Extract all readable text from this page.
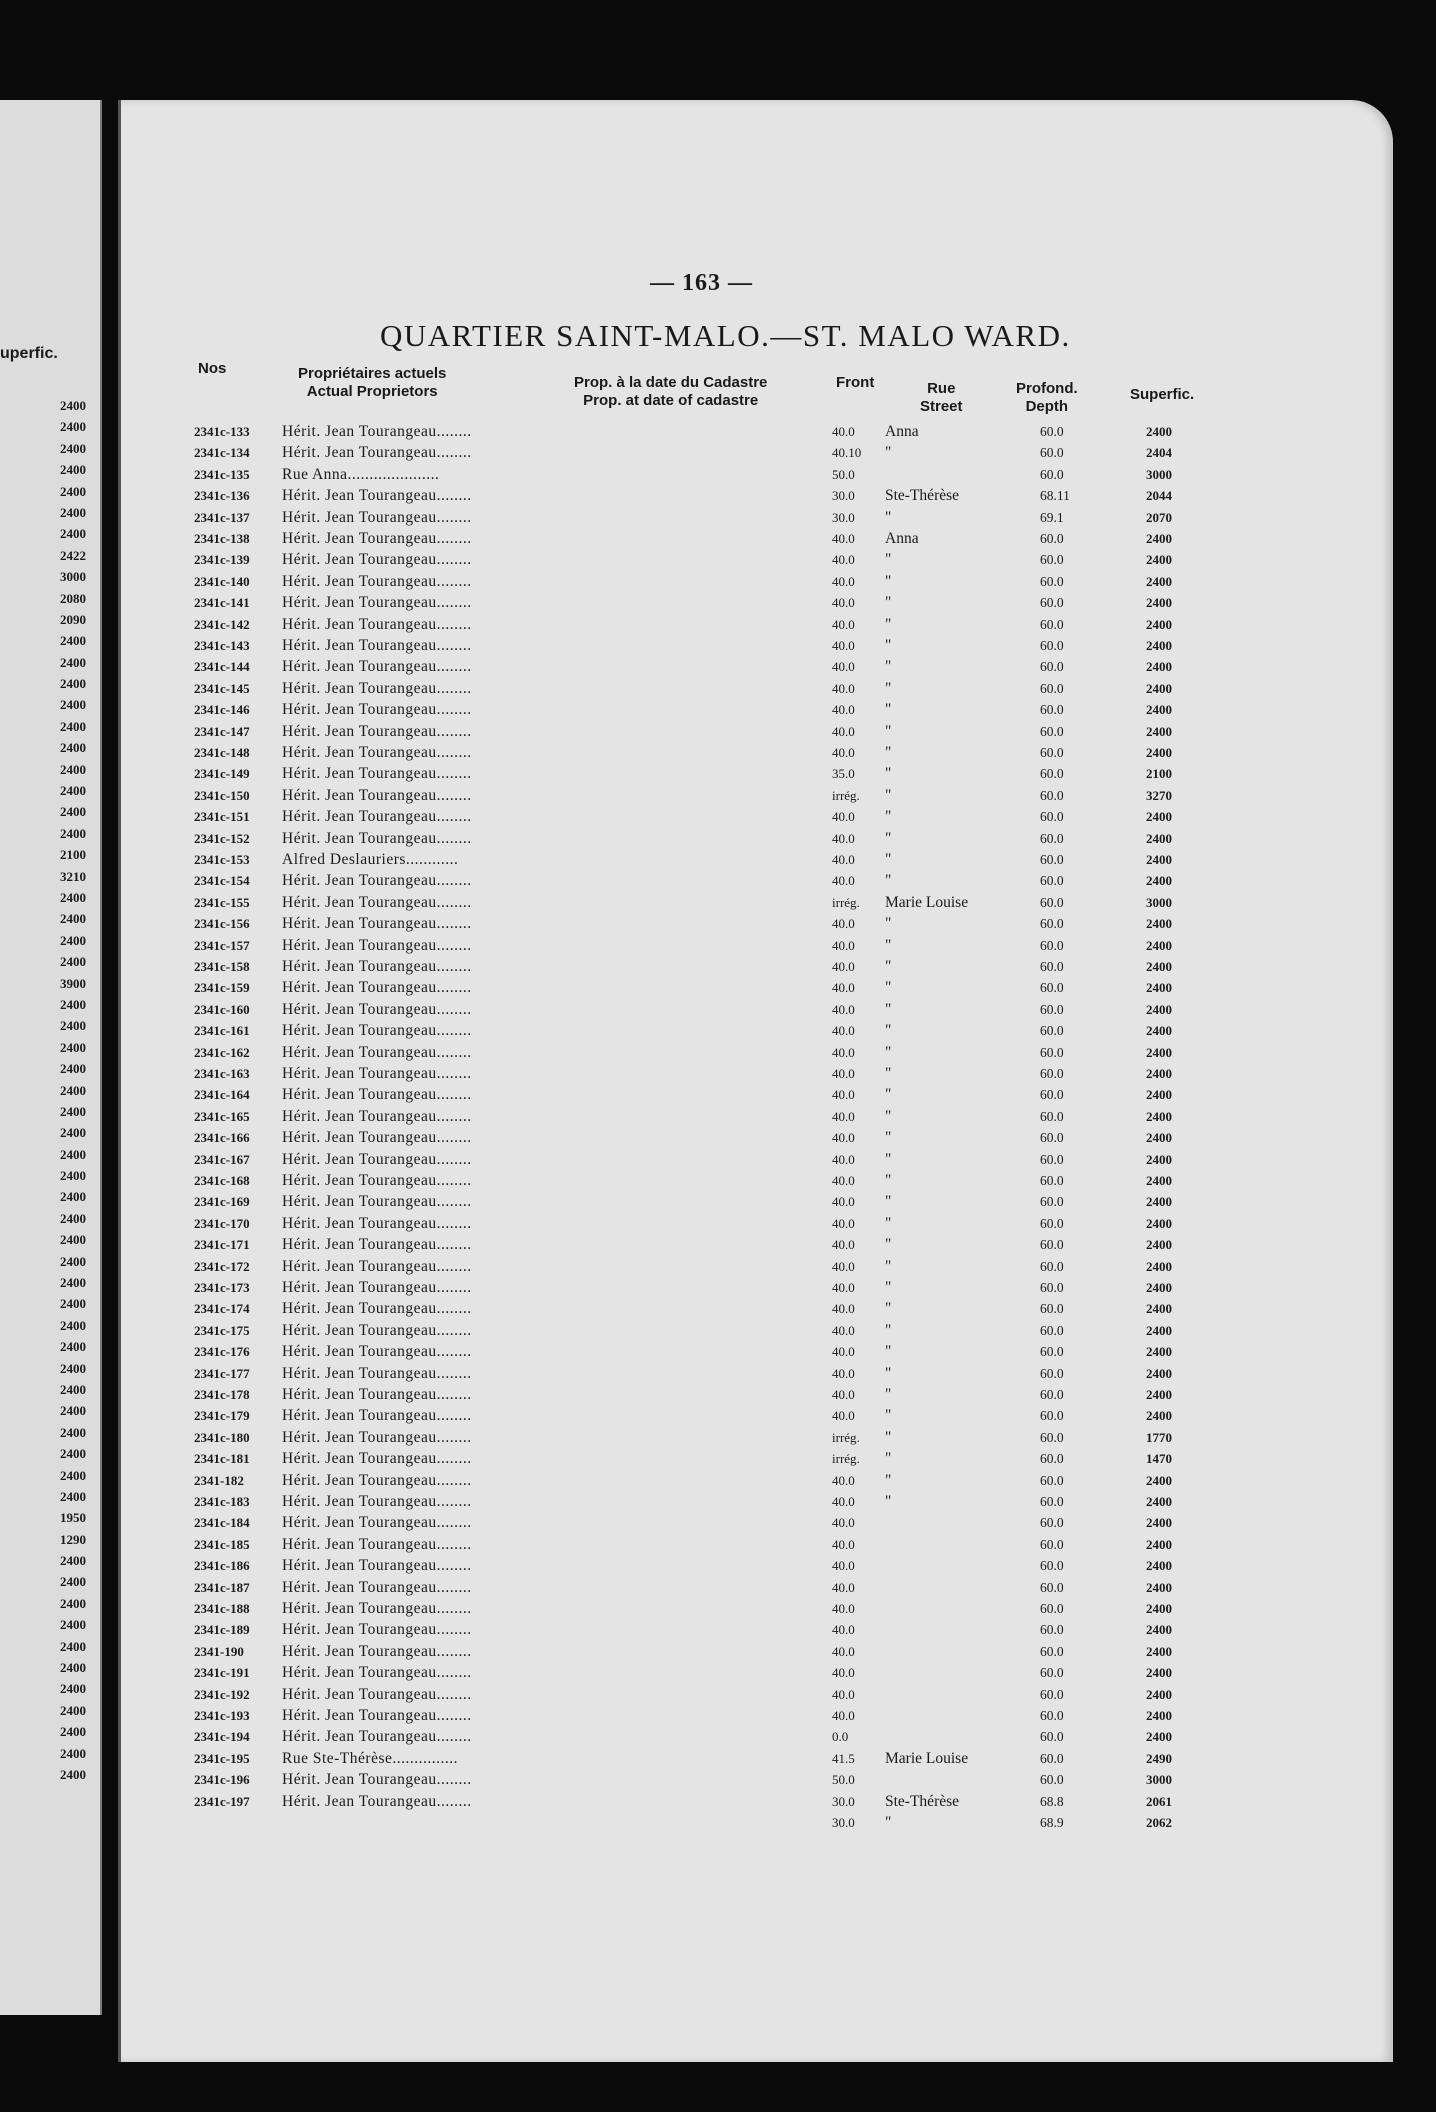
uperfic.
2400
2400
2400
2400
2400
2400
2400
2422
3000
2080
2090
2400
2400
2400
2400
2400
2400
2400
2400
2400
2400
2100
3210
2400
2400
2400
2400
3900
2400
2400
2400
2400
2400
2400
2400
2400
2400
2400
2400
2400
2400
2400
2400
2400
2400
2400
2400
2400
2400
2400
2400
2400
1950
1290
2400
2400
2400
2400
2400
2400
2400
2400
2400
2400
2400
— 163 —
QUARTIER SAINT-MALO.—ST. MALO WARD.
Nos	Propriétaires actuels
Actual Proprietors
Prop. à la date du Cadastre
Prop. at date of cadastre
Front	Rue
Street
Profond.
Depth
Superfic.
2341c-133 Hérit. Jean Tourangeau........	40.0 Anna	60.0	2400
2341c-134 Hérit. Jean Tourangeau........	40.10 "	60.0	2404
2341c-135 Rue Anna.....................	50.0	60.0	3000
2341c-136 Hérit. Jean Tourangeau........	30.0 Ste-Thérèse	68.11	2044
2341c-137 Hérit. Jean Tourangeau........	30.0 "	69.1	2070
2341c-138 Hérit. Jean Tourangeau........	40.0 Anna	60.0	2400
2341c-139 Hérit. Jean Tourangeau........	40.0 "	60.0	2400
2341c-140 Hérit. Jean Tourangeau........	40.0 "	60.0	2400
2341c-141 Hérit. Jean Tourangeau........	40.0 "	60.0	2400
2341c-142 Hérit. Jean Tourangeau........	40.0 "	60.0	2400
2341c-143 Hérit. Jean Tourangeau........	40.0 "	60.0	2400
2341c-144 Hérit. Jean Tourangeau........	40.0 "	60.0	2400
2341c-145 Hérit. Jean Tourangeau........	40.0 "	60.0	2400
2341c-146 Hérit. Jean Tourangeau........	40.0 "	60.0	2400
2341c-147 Hérit. Jean Tourangeau........	40.0 "	60.0	2400
2341c-148 Hérit. Jean Tourangeau........	40.0 "	60.0	2400
2341c-149 Hérit. Jean Tourangeau........	35.0 "	60.0	2100
2341c-150 Hérit. Jean Tourangeau........	irrég. "	60.0	3270
2341c-151 Hérit. Jean Tourangeau........	40.0 "	60.0	2400
2341c-152 Hérit. Jean Tourangeau........	40.0 "	60.0	2400
2341c-153 Alfred Deslauriers............	40.0 "	60.0	2400
2341c-154 Hérit. Jean Tourangeau........	40.0 "	60.0	2400
2341c-155 Hérit. Jean Tourangeau........	irrég. Marie Louise	60.0	3000
2341c-156 Hérit. Jean Tourangeau........	40.0 "	60.0	2400
2341c-157 Hérit. Jean Tourangeau........	40.0 "	60.0	2400
2341c-158 Hérit. Jean Tourangeau........	40.0 "	60.0	2400
2341c-159 Hérit. Jean Tourangeau........	40.0 "	60.0	2400
2341c-160 Hérit. Jean Tourangeau........	40.0 "	60.0	2400
2341c-161 Hérit. Jean Tourangeau........	40.0 "	60.0	2400
2341c-162 Hérit. Jean Tourangeau........	40.0 "	60.0	2400
2341c-163 Hérit. Jean Tourangeau........	40.0 "	60.0	2400
2341c-164 Hérit. Jean Tourangeau........	40.0 "	60.0	2400
2341c-165 Hérit. Jean Tourangeau........	40.0 "	60.0	2400
2341c-166 Hérit. Jean Tourangeau........	40.0 "	60.0	2400
2341c-167 Hérit. Jean Tourangeau........	40.0 "	60.0	2400
2341c-168 Hérit. Jean Tourangeau........	40.0 "	60.0	2400
2341c-169 Hérit. Jean Tourangeau........	40.0 "	60.0	2400
2341c-170 Hérit. Jean Tourangeau........	40.0 "	60.0	2400
2341c-171 Hérit. Jean Tourangeau........	40.0 "	60.0	2400
2341c-172 Hérit. Jean Tourangeau........	40.0 "	60.0	2400
2341c-173 Hérit. Jean Tourangeau........	40.0 "	60.0	2400
2341c-174 Hérit. Jean Tourangeau........	40.0 "	60.0	2400
2341c-175 Hérit. Jean Tourangeau........	40.0 "	60.0	2400
2341c-176 Hérit. Jean Tourangeau........	40.0 "	60.0	2400
2341c-177 Hérit. Jean Tourangeau........	40.0 "	60.0	2400
2341c-178 Hérit. Jean Tourangeau........	40.0 "	60.0	2400
2341c-179 Hérit. Jean Tourangeau........	40.0 "	60.0	2400
2341c-180 Hérit. Jean Tourangeau........	irrég. "	60.0	1770
2341c-181 Hérit. Jean Tourangeau........	irrég. "	60.0	1470
2341-182 Hérit. Jean Tourangeau........	40.0 "	60.0	2400
2341c-183 Hérit. Jean Tourangeau........	40.0 "	60.0	2400
2341c-184 Hérit. Jean Tourangeau........	40.0	60.0	2400
2341c-185 Hérit. Jean Tourangeau........	40.0	60.0	2400
2341c-186 Hérit. Jean Tourangeau........	40.0	60.0	2400
2341c-187 Hérit. Jean Tourangeau........	40.0	60.0	2400
2341c-188 Hérit. Jean Tourangeau........	40.0	60.0	2400
2341c-189 Hérit. Jean Tourangeau........	40.0	60.0	2400
2341-190 Hérit. Jean Tourangeau........	40.0	60.0	2400
2341c-191 Hérit. Jean Tourangeau........	40.0	60.0	2400
2341c-192 Hérit. Jean Tourangeau........	40.0	60.0	2400
2341c-193 Hérit. Jean Tourangeau........	40.0	60.0	2400
2341c-194 Hérit. Jean Tourangeau........	0.0	60.0	2400
2341c-195 Rue Ste-Thérèse...............	41.5 Marie Louise	60.0	2490
2341c-196 Hérit. Jean Tourangeau........	50.0	60.0	3000
2341c-197 Hérit. Jean Tourangeau........	30.0 Ste-Thérèse	68.8	2061
30.0 "	68.9	2062
